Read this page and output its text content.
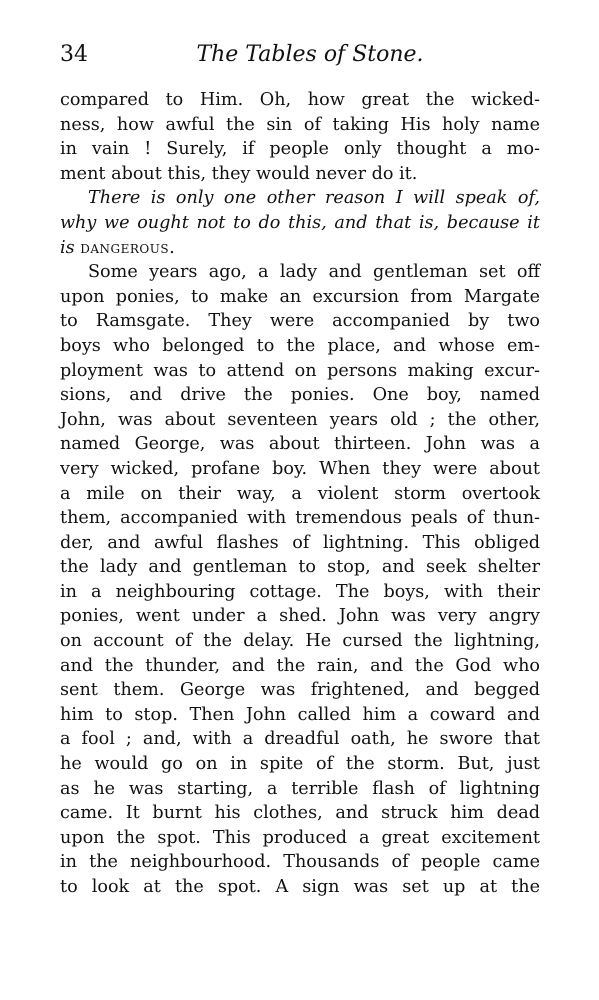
34	The Tables of Stone.

compared to Him. Oh, how great the wicked-
ness, how awful the sin of taking His holy name
in vain ! Surely, if people only thought a mo-
ment about this, they would never do it.

There is only one other reason I will speak of,
why we ought not to do this, and that is, because it
is dangerous.

Some years ago, a lady and gentleman set off
upon ponies, to make an excursion from Margate
to Ramsgate. They were accompanied by two
boys who belonged to the place, and whose em-
ployment was to attend on persons making excur-
sions, and drive the ponies. One boy, named
John, was about seventeen years old ; the other,
named George, was about thirteen. John was a
very wicked, profane boy. When they were about
a mile on their way, a violent storm overtook
them, accompanied with tremendous peals of thun-
der, and awful flashes of lightning. This obliged
the lady and gentleman to stop, and seek shelter
in a neighbouring cottage. The boys, with their
ponies, went under a shed. John was very angry
on account of the delay. He cursed the lightning,
and the thunder, and the rain, and the God who
sent them. George was frightened, and begged
him to stop. Then John called him a coward and
a fool ; and, with a dreadful oath, he swore that
he would go on in spite of the storm. But, just
as he was starting, a terrible flash of lightning
came. It burnt his clothes, and struck him dead
upon the spot. This produced a great excitement
in the neighbourhood. Thousands of people came
to look at the spot. A sign was set up at the
